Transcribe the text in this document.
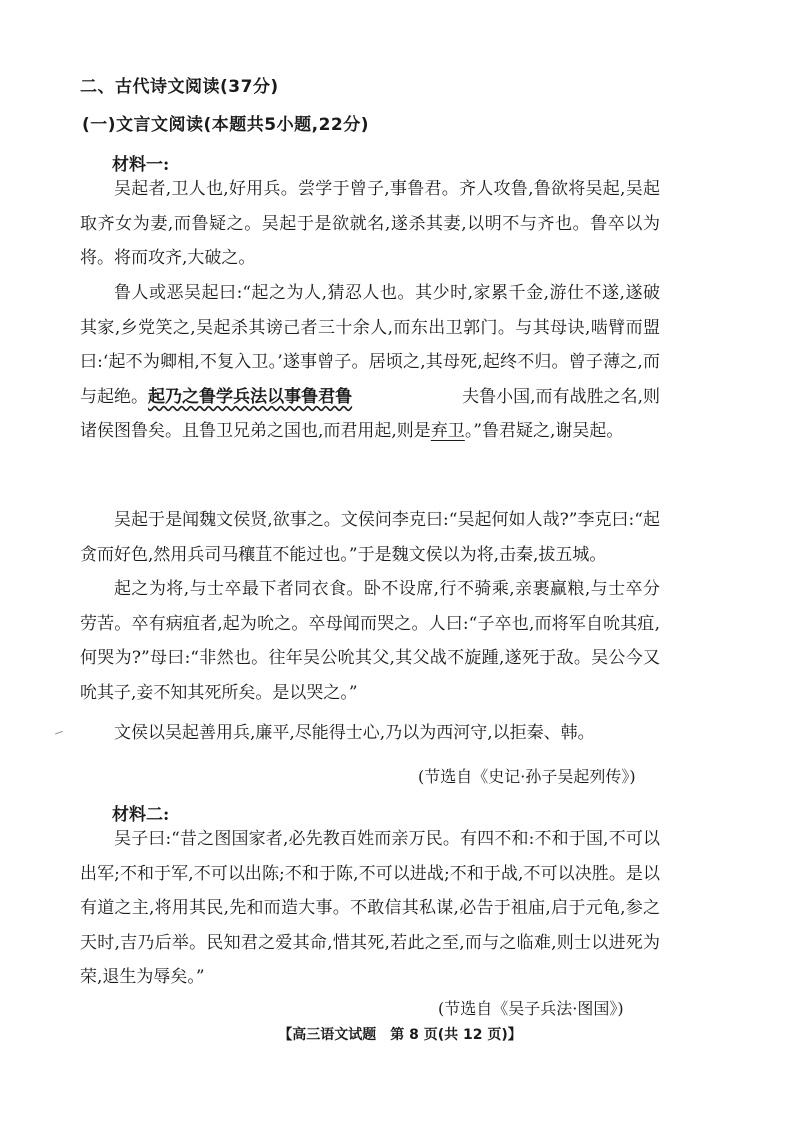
二、古代诗文阅读(37分)
(一)文言文阅读(本题共5小题,22分)
材料一:

吴起者,卫人也,好用兵。尝学于曾子,事鲁君。齐人攻鲁,鲁欲将吴起,吴起取齐女为妻,而鲁疑之。吴起于是欲就名,遂杀其妻,以明不与齐也。鲁卒以为将。将而攻齐,大破之。

鲁人或恶吴起曰:“起之为人,猜忍人也。其少时,家累千金,游仕不遂,遂破其家,乡党笑之,吴起杀其谤己者三十余人,而东出卫郭门。与其母诀,啮臂而盟曰:‘起不为卿相,不复入卫。’遂事曾子。居顷之,其母死,起终不归。曾子薄之,而与起绝。起乃之鲁学兵法以事鲁君鲁	夫鲁小国,而有战胜之名,则诸侯图鲁矣。且鲁卫兄弟之国也,而君用起,则是弃卫。”鲁君疑之,谢吴起。

吴起于是闻魏文侯贤,欲事之。文侯问李克曰:“吴起何如人哉?”李克曰:“起贪而好色,然用兵司马穰苴不能过也。”于是魏文侯以为将,击秦,拔五城。

起之为将,与士卒最下者同衣食。卧不设席,行不骑乘,亲裹赢粮,与士卒分劳苦。卒有病疽者,起为吮之。卒母闻而哭之。人曰:“子卒也,而将军自吮其疽,何哭为?”母曰:“非然也。往年吴公吮其父,其父战不旋踵,遂死于敌。吴公今又吮其子,妾不知其死所矣。是以哭之。”

文侯以吴起善用兵,廉平,尽能得士心,乃以为西河守,以拒秦、韩。

(节选自《史记·孙子吴起列传》)
材料二:

吴子曰:“昔之图国家者,必先教百姓而亲万民。有四不和:不和于国,不可以出军;不和于军,不可以出陈;不和于陈,不可以进战;不和于战,不可以决胜。是以有道之主,将用其民,先和而造大事。不敢信其私谋,必告于祖庙,启于元龟,参之天时,吉乃后举。民知君之爱其命,惜其死,若此之至,而与之临难,则士以进死为荣,退生为辱矣。”

(节选自《吴子兵法·图国》)
【高三语文试题　第 8 页(共 12 页)】
